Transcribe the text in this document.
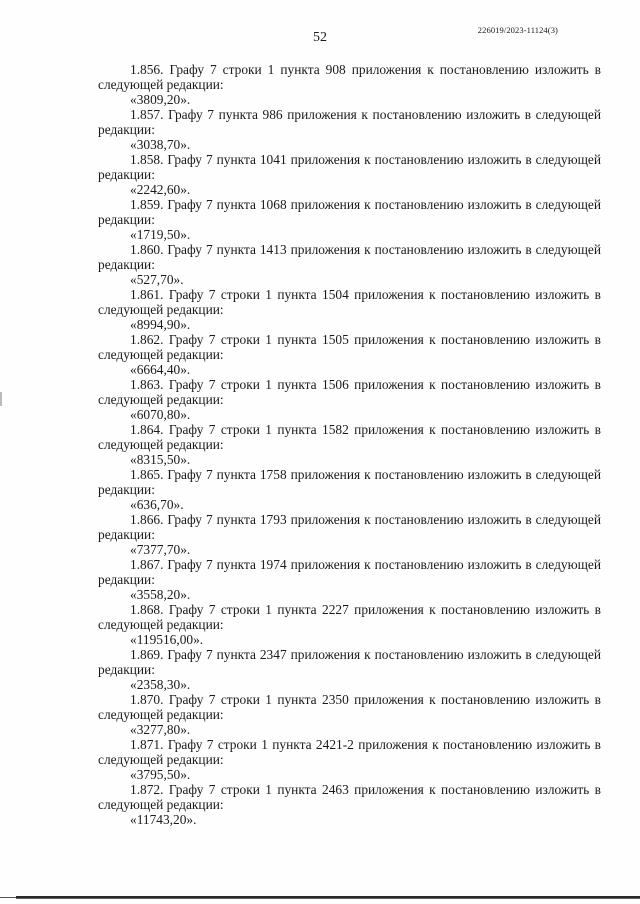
52	226019/2023-11124(3)

1.856. Графу 7 строки 1 пункта 908 приложения к постановлению изложить в следующей редакции:

«3809,20».

1.857. Графу 7 пункта 986 приложения к постановлению изложить в следующей редакции:

«3038,70».

1.858. Графу 7 пункта 1041 приложения к постановлению изложить в следующей редакции:

«2242,60».

1.859. Графу 7 пункта 1068 приложения к постановлению изложить в следующей редакции:

«1719,50».

1.860. Графу 7 пункта 1413 приложения к постановлению изложить в следующей редакции:

«527,70».

1.861. Графу 7 строки 1 пункта 1504 приложения к постановлению изложить в следующей редакции:

«8994,90».

1.862. Графу 7 строки 1 пункта 1505 приложения к постановлению изложить в следующей редакции:

«6664,40».

1.863. Графу 7 строки 1 пункта 1506 приложения к постановлению изложить в следующей редакции:

«6070,80».

1.864. Графу 7 строки 1 пункта 1582 приложения к постановлению изложить в следующей редакции:

«8315,50».

1.865. Графу 7 пункта 1758 приложения к постановлению изложить в следующей редакции:

«636,70».

1.866. Графу 7 пункта 1793 приложения к постановлению изложить в следующей редакции:

«7377,70».

1.867. Графу 7 пункта 1974 приложения к постановлению изложить в следующей редакции:

«3558,20».

1.868. Графу 7 строки 1 пункта 2227 приложения к постановлению изложить в следующей редакции:

«119516,00».

1.869. Графу 7 пункта 2347 приложения к постановлению изложить в следующей редакции:

«2358,30».

1.870. Графу 7 строки 1 пункта 2350 приложения к постановлению изложить в следующей редакции:

«3277,80».

1.871. Графу 7 строки 1 пункта 2421-2 приложения к постановлению изложить в следующей редакции:

«3795,50».

1.872. Графу 7 строки 1 пункта 2463 приложения к постановлению изложить в следующей редакции:

«11743,20».
